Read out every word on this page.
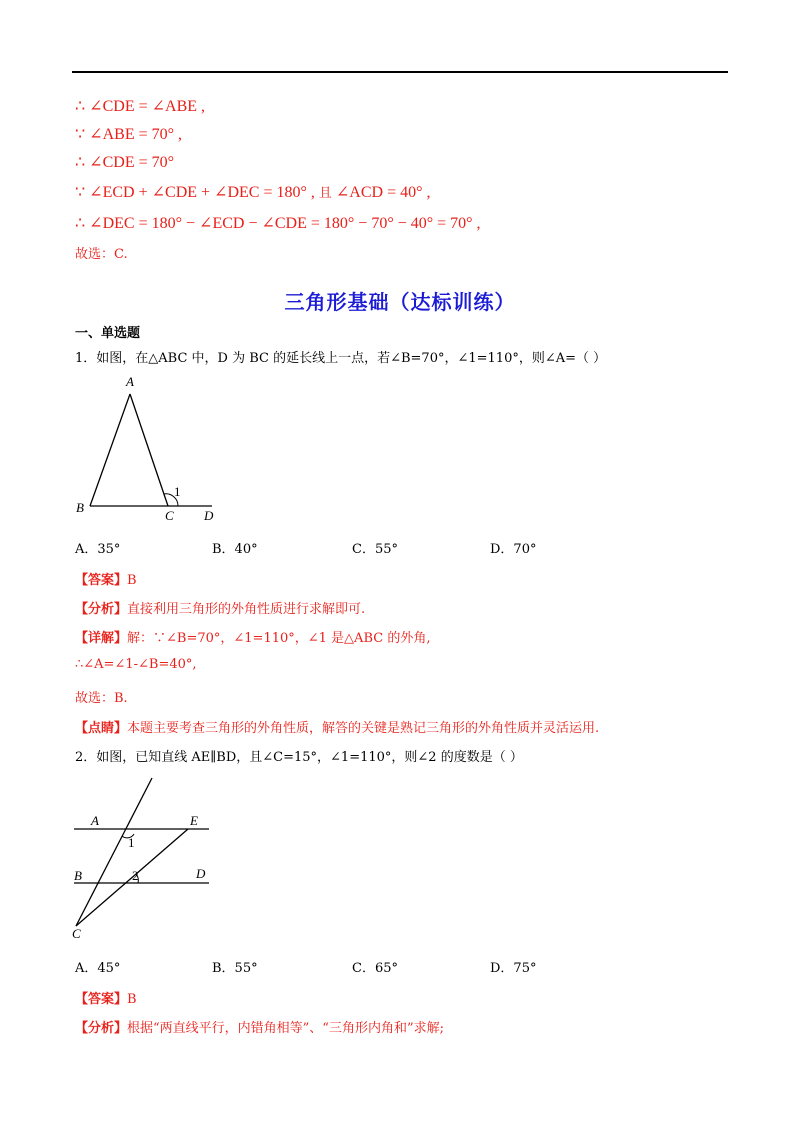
∴ ∠CDE = ∠ABE ,
∵ ∠ABE = 70° ,
∴ ∠CDE = 70°
∵ ∠ECD + ∠CDE + ∠DEC = 180° , 且 ∠ACD = 40° ,
∴ ∠DEC = 180° − ∠ECD − ∠CDE = 180° − 70° − 40° = 70° ,
故选：C.
三角形基础（达标训练）
一、单选题
1．如图，在△ABC 中，D 为 BC 的延长线上一点，若∠B=70°，∠1=110°，则∠A=（ ）
A
B
C D
1
A．35°	B．40°	C．55°	D．70°
【答案】B
【分析】直接利用三角形的外角性质进行求解即可.
【详解】解：∵∠B=70°，∠1=110°，∠1 是△ABC 的外角,
∴∠A=∠1-∠B=40°,
故选：B.
【点睛】本题主要考查三角形的外角性质，解答的关键是熟记三角形的外角性质并灵活运用.
2．如图，已知直线 AE∥BD，且∠C=15°，∠1=110°，则∠2 的度数是（ ）
A	E
B	D
C
1
2
A．45°	B．55°	C．65°	D．75°
【答案】B
【分析】根据“两直线平行，内错角相等”、“三角形内角和”求解;
